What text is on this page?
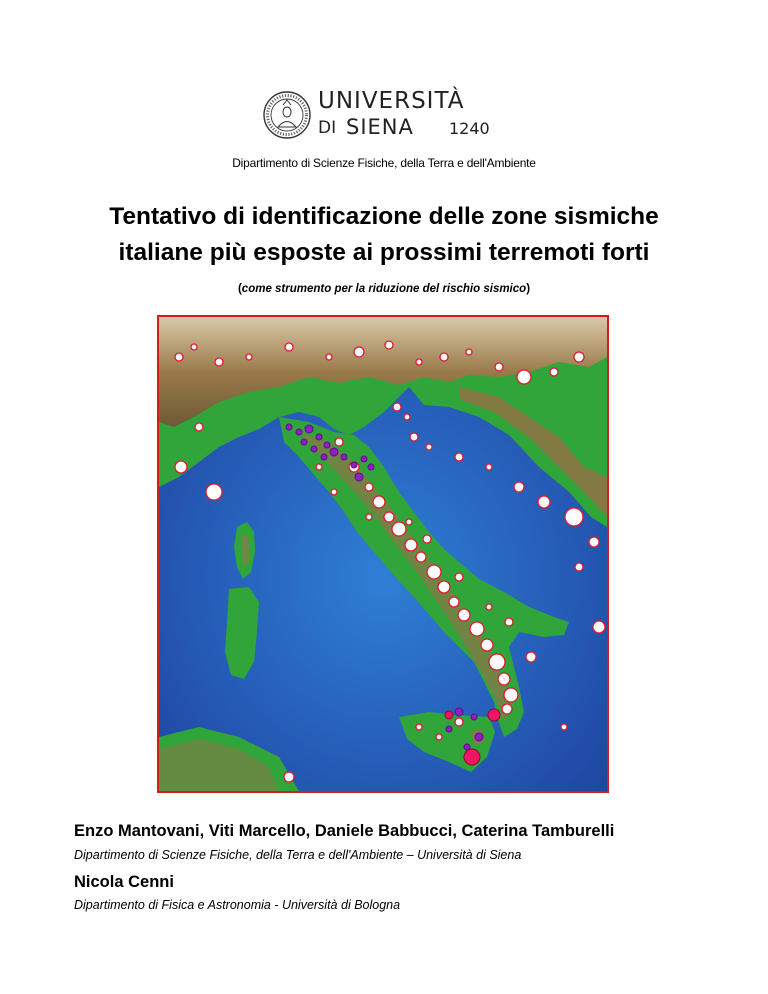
UNIVERSITÀ
DI SIENA 1240
Dipartimento di Scienze Fisiche, della Terra e dell'Ambiente
Tentativo di identificazione delle zone sismiche
italiane più esposte ai prossimi terremoti forti
(come strumento per la riduzione del rischio sismico)
Enzo Mantovani, Viti Marcello, Daniele Babbucci, Caterina Tamburelli
Dipartimento di Scienze Fisiche, della Terra e dell'Ambiente – Università di Siena
Nicola Cenni
Dipartimento di Fisica e Astronomia - Università di Bologna
